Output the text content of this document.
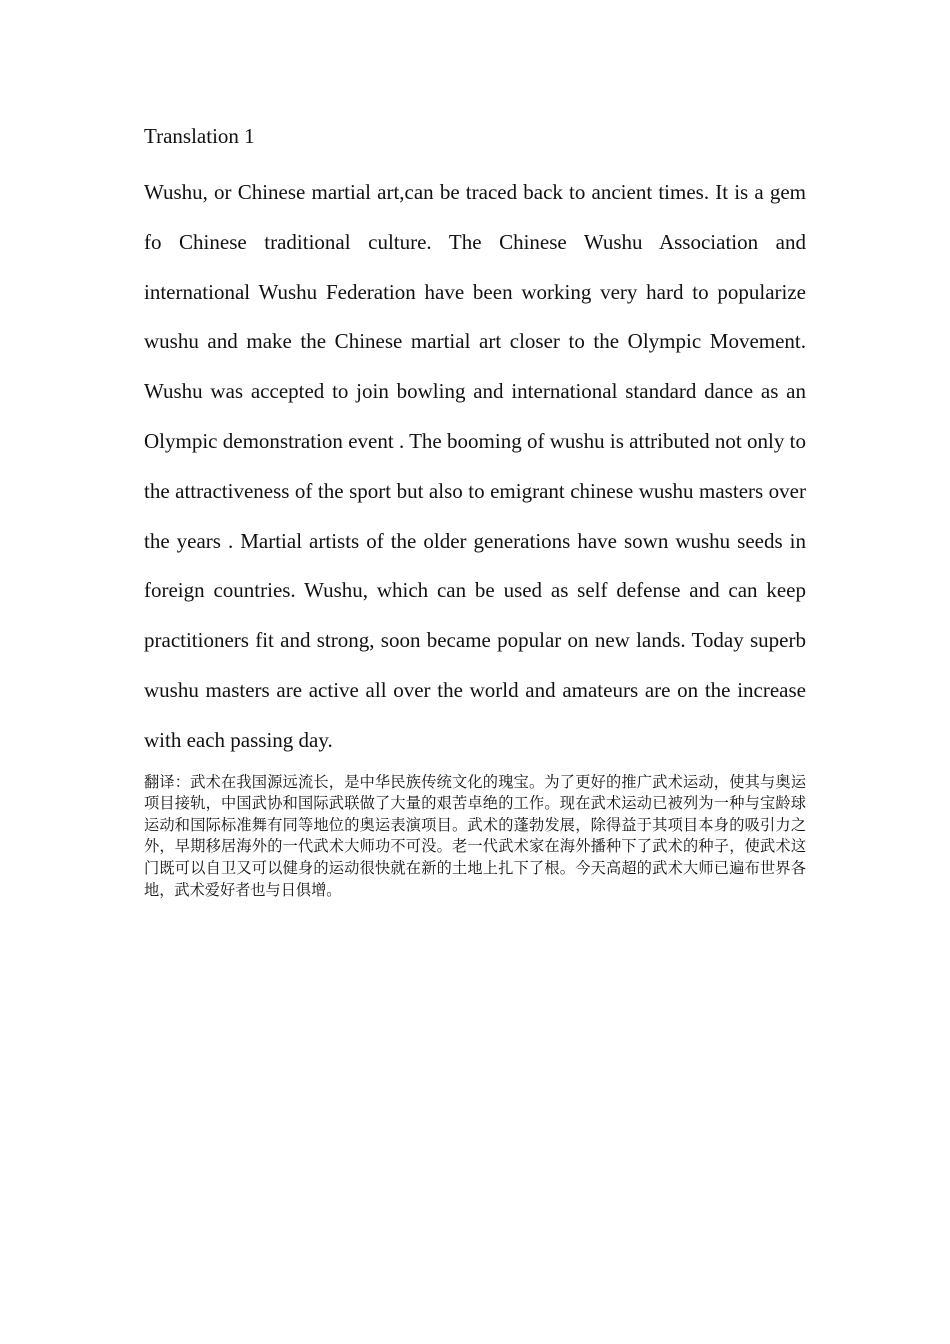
Translation 1

Wushu, or Chinese martial art,can be traced back to ancient times. It is a gem fo Chinese traditional culture. The Chinese Wushu Association and international Wushu Federation have been working very hard to popularize wushu and make the Chinese martial art closer to the Olympic Movement. Wushu was accepted to join bowling and international standard dance as an Olympic demonstration event . The booming of wushu is attributed not only to the attractiveness of the sport but also to emigrant chinese wushu masters over the years . Martial artists of the older generations have sown wushu seeds in foreign countries. Wushu, which can be used as self defense and can keep practitioners fit and strong, soon became popular on new lands. Today superb wushu masters are active all over the world and amateurs are on the increase with each passing day.

翻译：武术在我国源远流长，是中华民族传统文化的瑰宝。为了更好的推广武术运动，使其与奥运项目接轨，中国武协和国际武联做了大量的艰苦卓绝的工作。现在武术运动已被列为一种与宝龄球运动和国际标准舞有同等地位的奥运表演项目。武术的蓬勃发展，除得益于其项目本身的吸引力之外，早期移居海外的一代武术大师功不可没。老一代武术家在海外播种下了武术的种子，使武术这门既可以自卫又可以健身的运动很快就在新的土地上扎下了根。今天高超的武术大师已遍布世界各地，武术爱好者也与日俱增。
